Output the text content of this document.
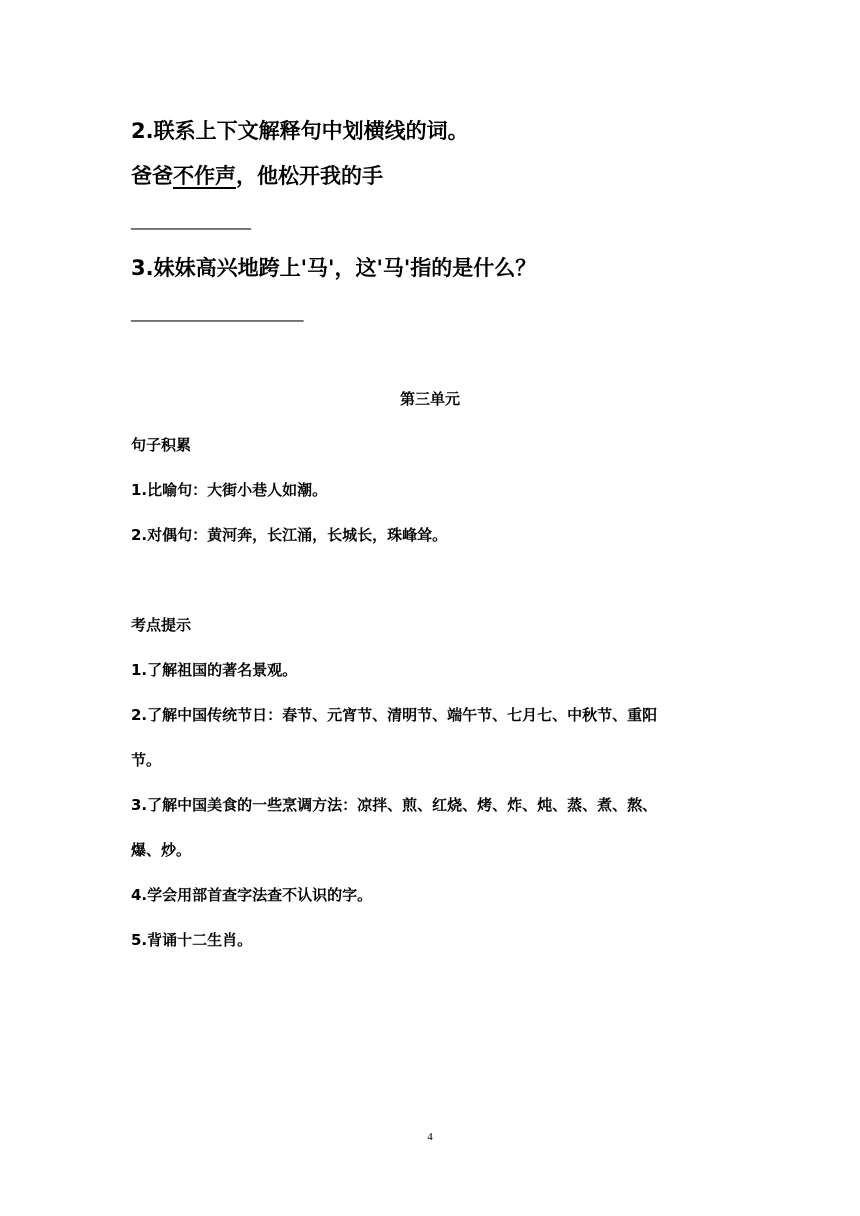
2.联系上下文解释句中划横线的词。
爸爸不作声，他松开我的手
________________
3.妹妹高兴地跨上'马'，这'马'指的是什么？
_______________________
第三单元
句子积累
1.比喻句：大街小巷人如潮。
2.对偶句：黄河奔，长江涌，长城长，珠峰耸。
考点提示
1.了解祖国的著名景观。
2.了解中国传统节日：春节、元宵节、清明节、端午节、七月七、中秋节、重阳
节。
3.了解中国美食的一些烹调方法：凉拌、煎、红烧、烤、炸、炖、蒸、煮、熬、
爆、炒。
4.学会用部首查字法查不认识的字。
5.背诵十二生肖。
4
